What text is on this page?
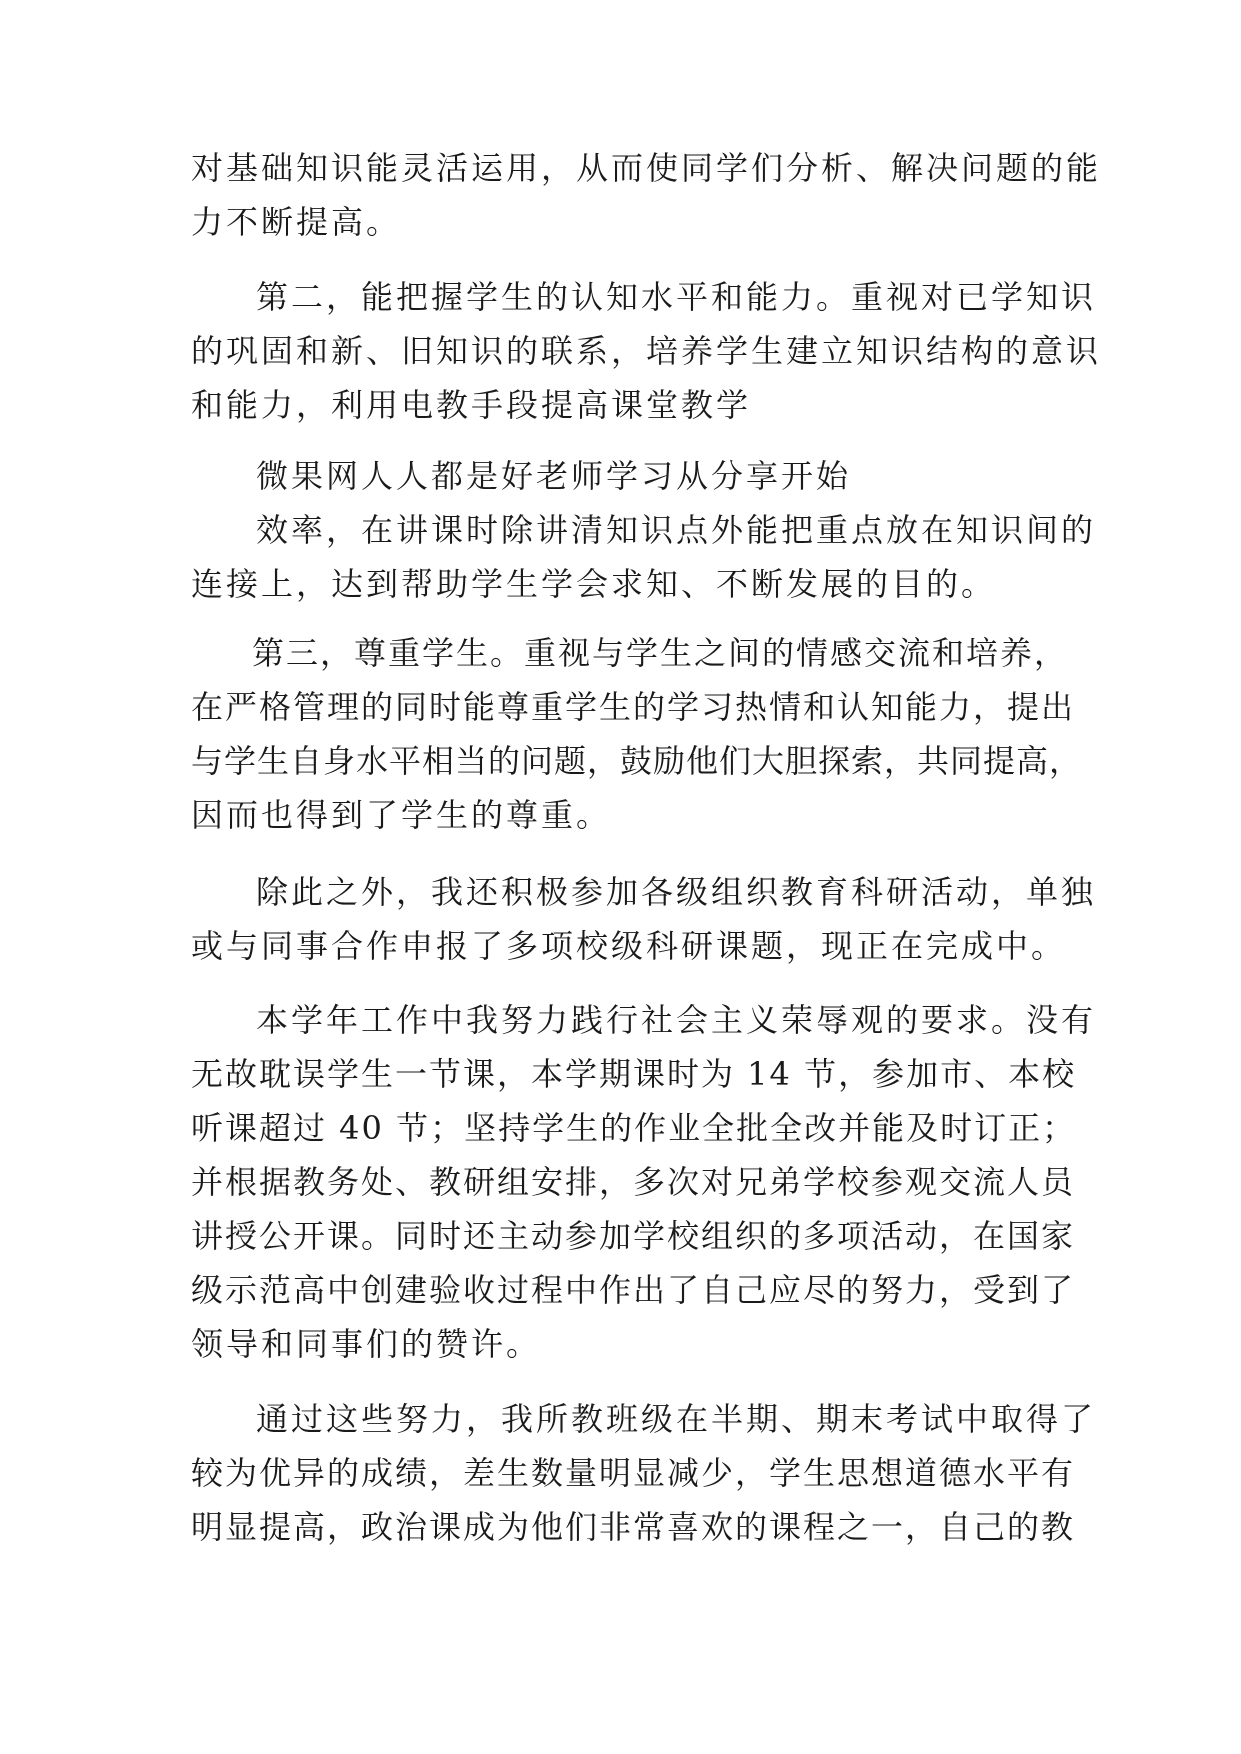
对基础知识能灵活运用，从而使同学们分析、解决问题的能
力不断提高。
第二，能把握学生的认知水平和能力。重视对已学知识
的巩固和新、旧知识的联系，培养学生建立知识结构的意识
和能力，利用电教手段提高课堂教学
微果网人人都是好老师学习从分享开始
效率，在讲课时除讲清知识点外能把重点放在知识间的
连接上，达到帮助学生学会求知、不断发展的目的。
第三，尊重学生。重视与学生之间的情感交流和培养，
在严格管理的同时能尊重学生的学习热情和认知能力，提出
与学生自身水平相当的问题，鼓励他们大胆探索，共同提高，
因而也得到了学生的尊重。
除此之外，我还积极参加各级组织教育科研活动，单独
或与同事合作申报了多项校级科研课题，现正在完成中。
本学年工作中我努力践行社会主义荣辱观的要求。没有
无故耽误学生一节课，本学期课时为 14 节，参加市、本校
听课超过 40 节；坚持学生的作业全批全改并能及时订正；
并根据教务处、教研组安排，多次对兄弟学校参观交流人员
讲授公开课。同时还主动参加学校组织的多项活动，在国家
级示范高中创建验收过程中作出了自己应尽的努力，受到了
领导和同事们的赞许。
通过这些努力，我所教班级在半期、期末考试中取得了
较为优异的成绩，差生数量明显减少，学生思想道德水平有
明显提高，政治课成为他们非常喜欢的课程之一，自己的教
